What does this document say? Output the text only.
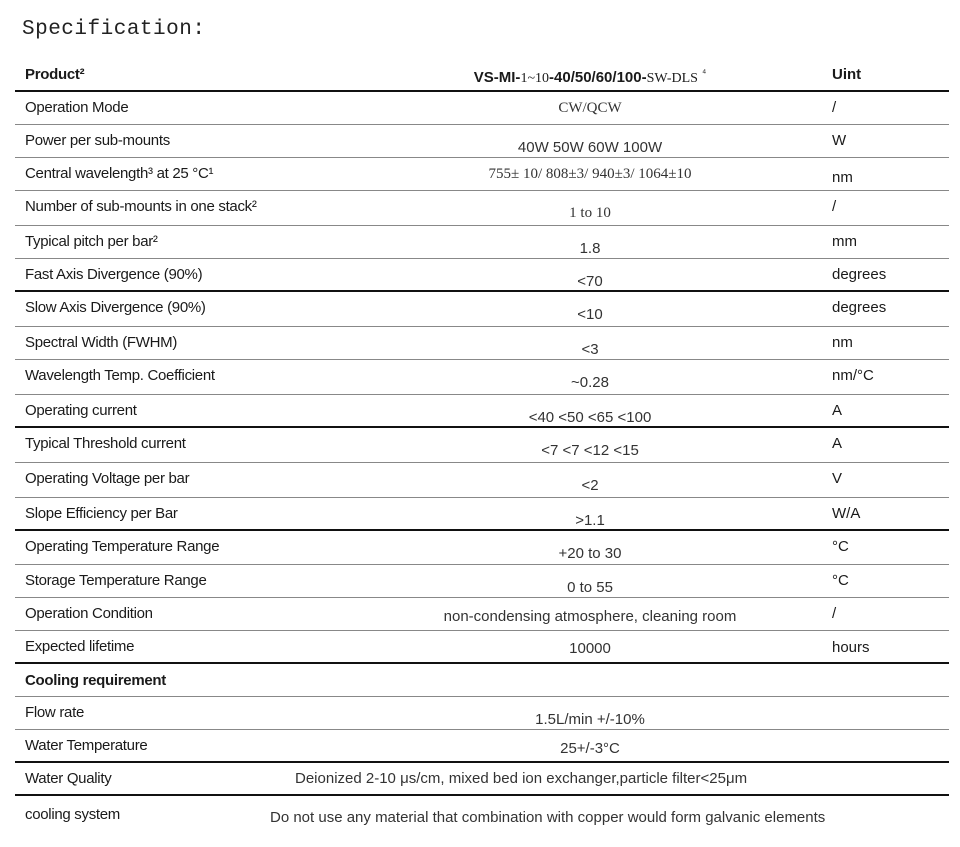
Specification:
Product²	VS-MI-1~10-40/50/60/100-SW-DLS $^{^4}$	Uint
Operation Mode	CW/QCW	/
Power per sub-mounts	40W 50W 60W 100W	W
Central wavelength³ at 25 °C¹	755± 10/ 808±3/ 940±3/ 1064±10	nm
Number of sub-mounts in one stack²	1 to 10	/
Typical pitch per bar²	1.8	mm
Fast Axis Divergence (90%)	<70	degrees
Slow Axis Divergence (90%)	<10	degrees
Spectral Width (FWHM)	<3	nm
Wavelength Temp. Coefficient	~0.28	nm/°C
Operating current	<40 <50 <65 <100	A
Typical Threshold current	<7 <7 <12 <15	A
Operating Voltage per bar	<2	V
Slope Efficiency per Bar	>1.1	W/A
Operating Temperature Range	+20 to 30	°C
Storage Temperature Range	0 to 55	°C
Operation Condition	non-condensing atmosphere, cleaning room	/
Expected lifetime	10000	hours
Cooling requirement		
Flow rate	1.5L/min +/-10%	
Water Temperature	25+/-3°C	
Water Quality	Deionized 2-10 μs/cm, mixed bed ion exchanger,particle filter<25μm	
cooling system	Do not use any material that combination with copper would form galvanic elements	
